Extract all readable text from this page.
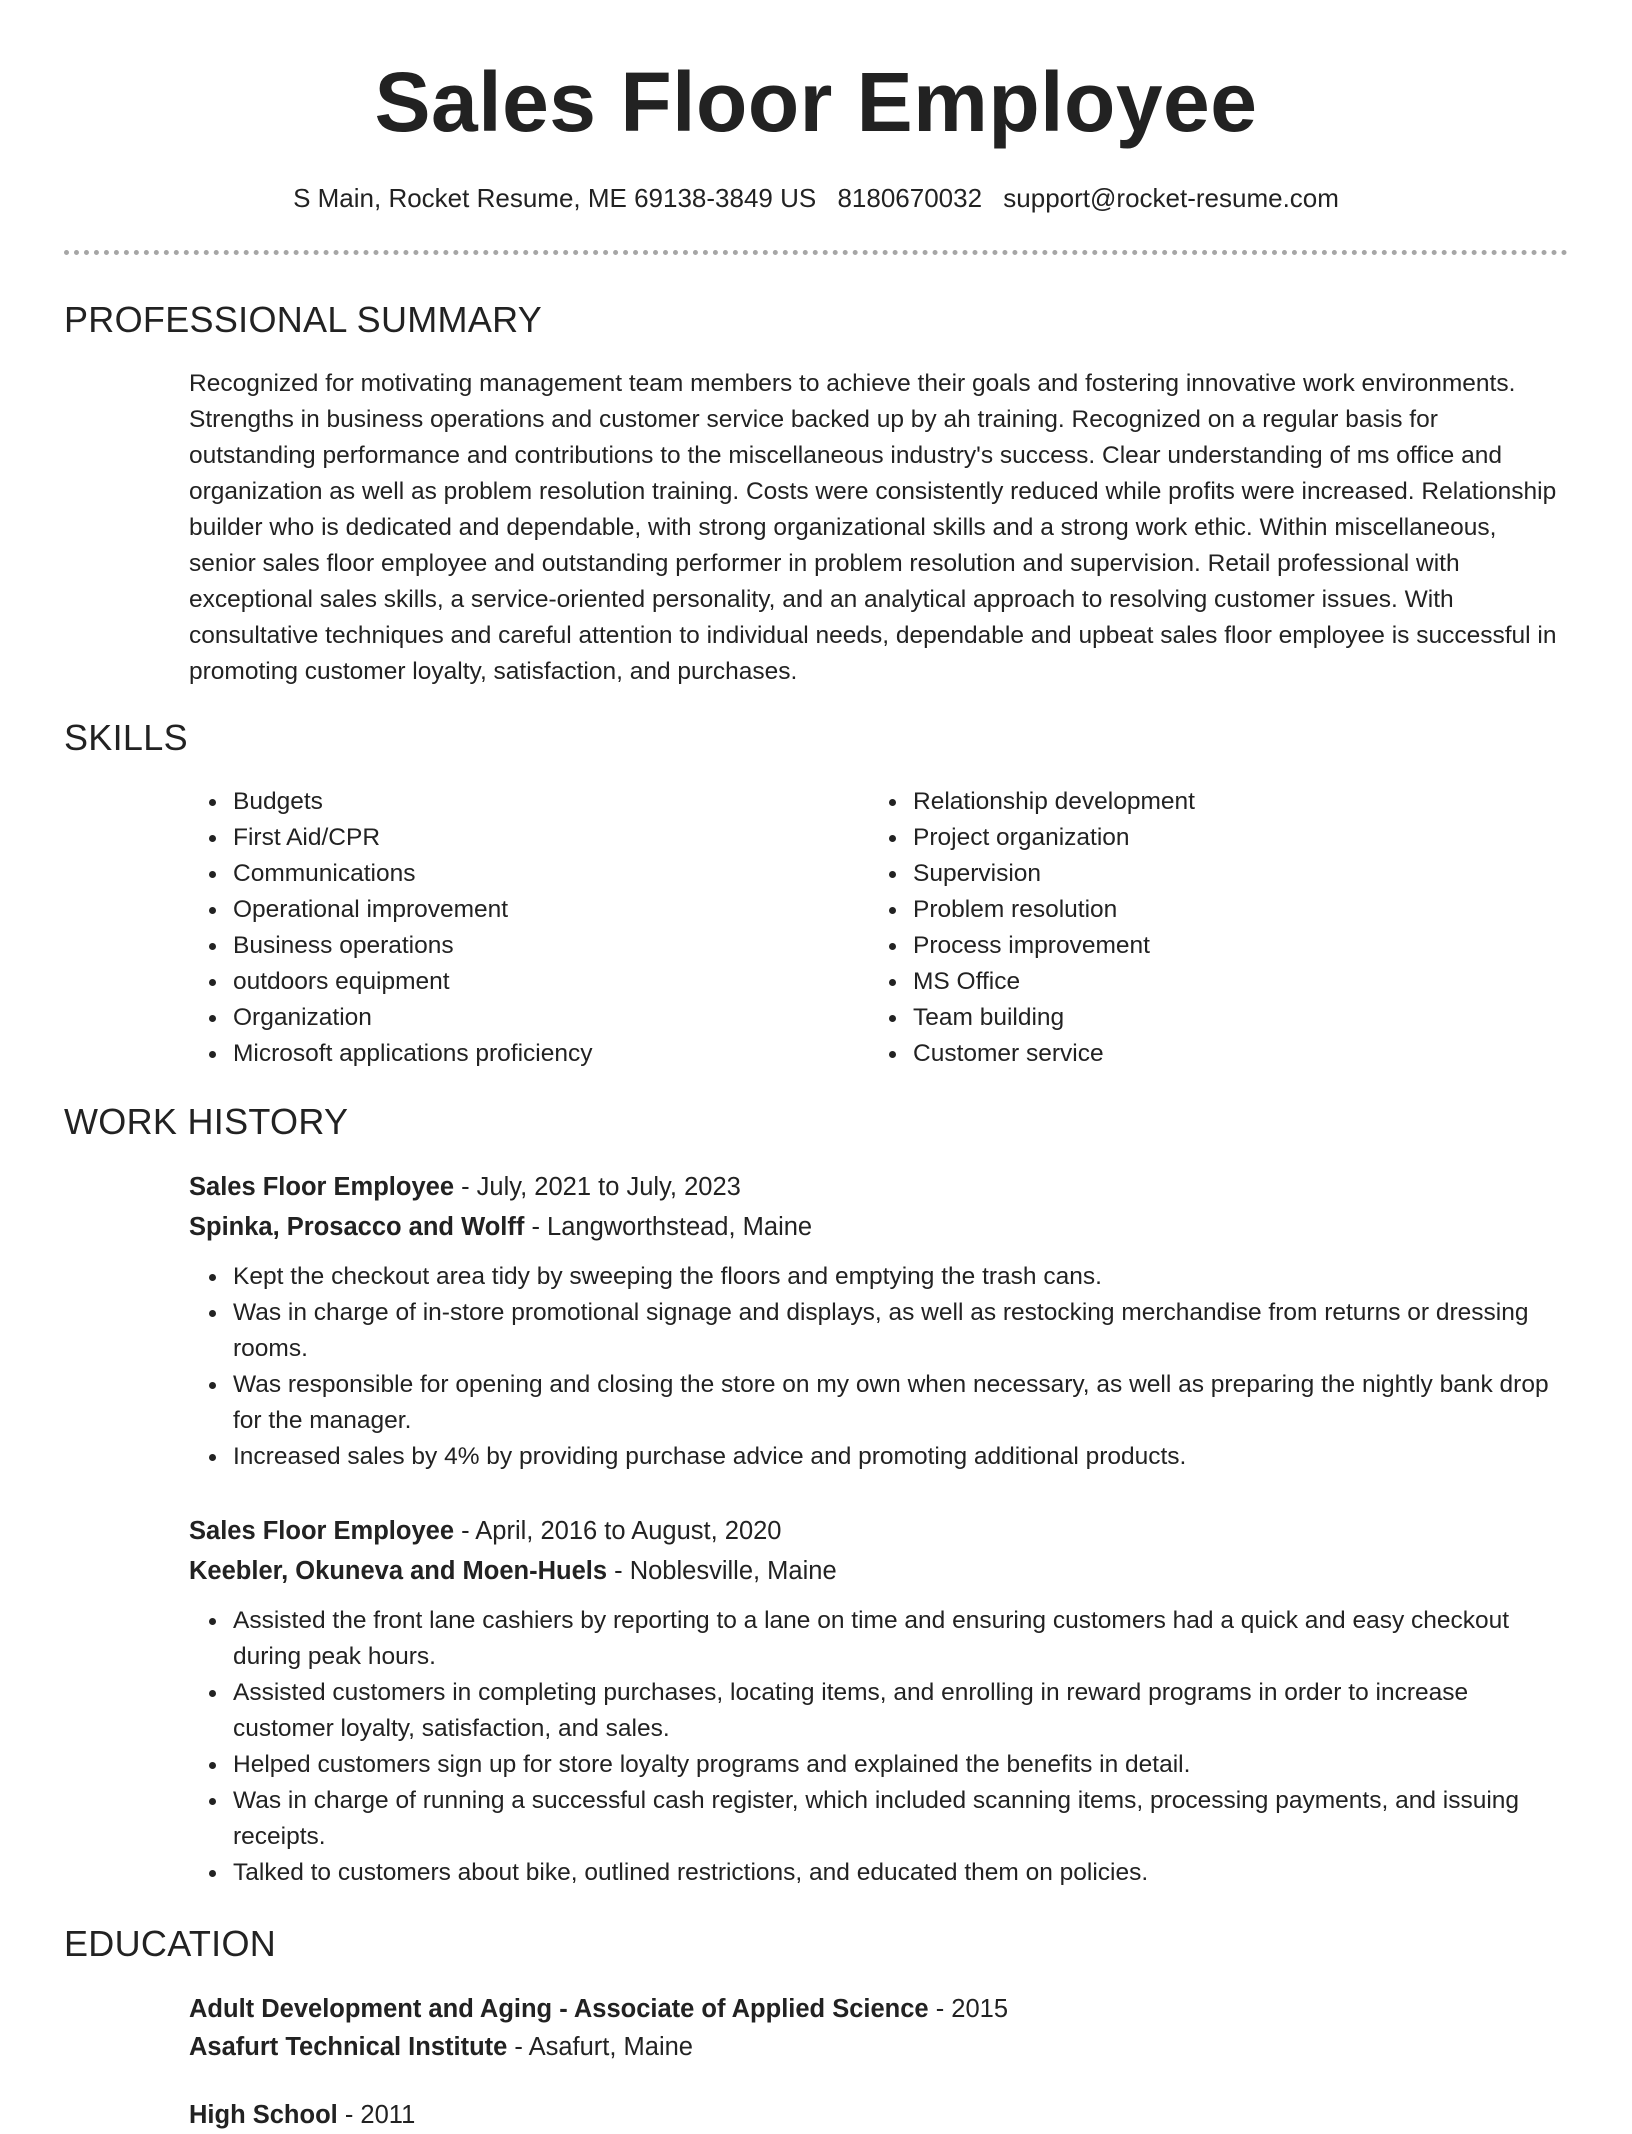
Sales Floor Employee
S Main, Rocket Resume, ME 69138-3849 US 8180670032 support@rocket-resume.com
PROFESSIONAL SUMMARY
Recognized for motivating management team members to achieve their goals and fostering innovative work environments. Strengths in business operations and customer service backed up by ah training. Recognized on a regular basis for outstanding performance and contributions to the miscellaneous industry's success. Clear understanding of ms office and organization as well as problem resolution training. Costs were consistently reduced while profits were increased. Relationship builder who is dedicated and dependable, with strong organizational skills and a strong work ethic. Within miscellaneous, senior sales floor employee and outstanding performer in problem resolution and supervision. Retail professional with exceptional sales skills, a service-oriented personality, and an analytical approach to resolving customer issues. With consultative techniques and careful attention to individual needs, dependable and upbeat sales floor employee is successful in promoting customer loyalty, satisfaction, and purchases.
SKILLS
Budgets
First Aid/CPR
Communications
Operational improvement
Business operations
outdoors equipment
Organization
Microsoft applications proficiency
Relationship development
Project organization
Supervision
Problem resolution
Process improvement
MS Office
Team building
Customer service
WORK HISTORY
Sales Floor Employee - July, 2021 to July, 2023
Spinka, Prosacco and Wolff - Langworthstead, Maine
Kept the checkout area tidy by sweeping the floors and emptying the trash cans.
Was in charge of in-store promotional signage and displays, as well as restocking merchandise from returns or dressing rooms.
Was responsible for opening and closing the store on my own when necessary, as well as preparing the nightly bank drop for the manager.
Increased sales by 4% by providing purchase advice and promoting additional products.
Sales Floor Employee - April, 2016 to August, 2020
Keebler, Okuneva and Moen-Huels - Noblesville, Maine
Assisted the front lane cashiers by reporting to a lane on time and ensuring customers had a quick and easy checkout during peak hours.
Assisted customers in completing purchases, locating items, and enrolling in reward programs in order to increase customer loyalty, satisfaction, and sales.
Helped customers sign up for store loyalty programs and explained the benefits in detail.
Was in charge of running a successful cash register, which included scanning items, processing payments, and issuing receipts.
Talked to customers about bike, outlined restrictions, and educated them on policies.
EDUCATION
Adult Development and Aging - Associate of Applied Science - 2015
Asafurt Technical Institute - Asafurt, Maine
High School - 2011
